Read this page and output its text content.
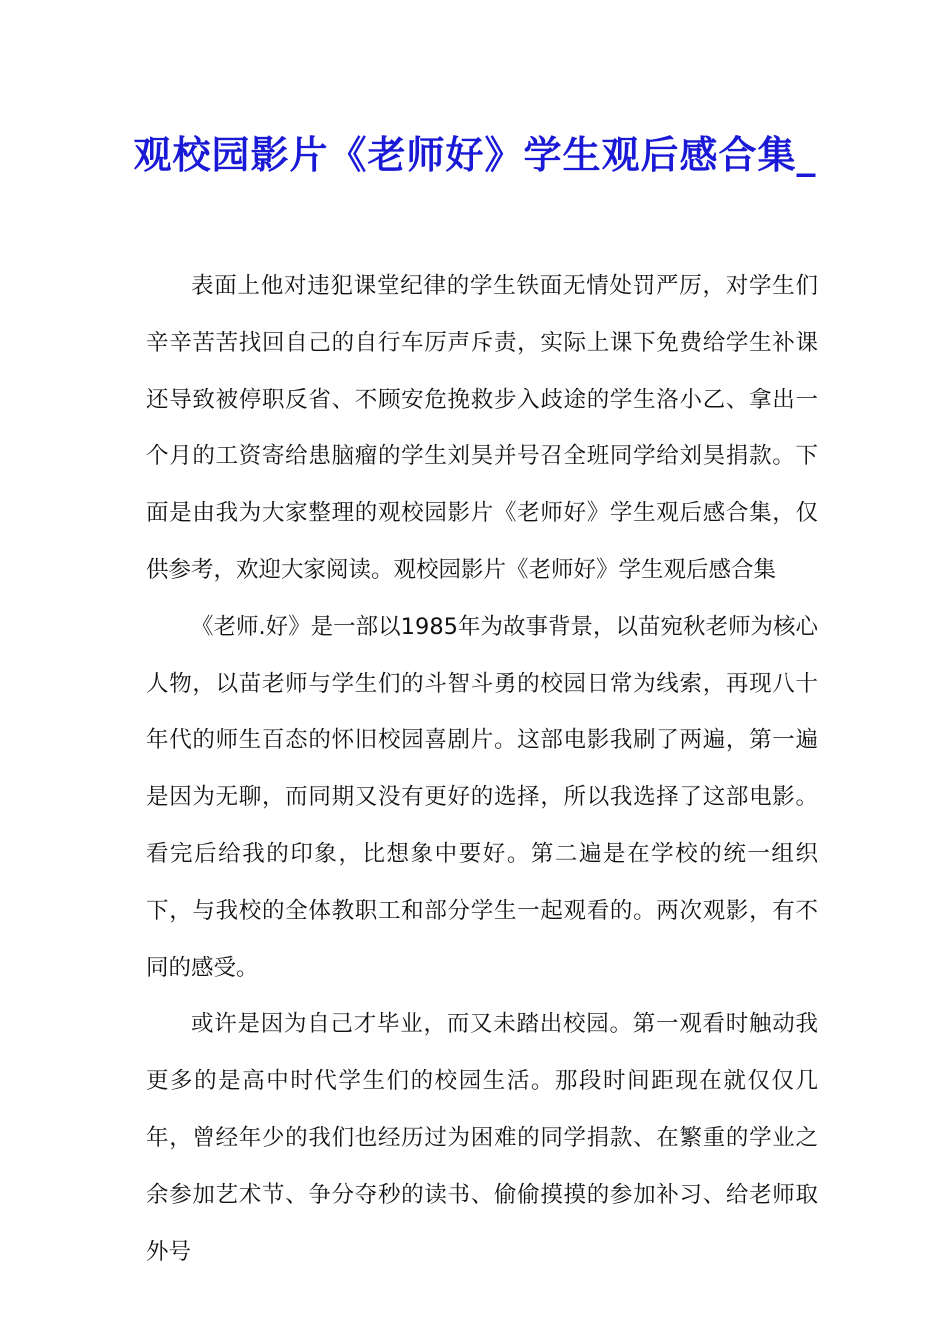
观校园影片《老师好》学生观后感合集_

表面上他对违犯课堂纪律的学生铁面无情处罚严厉，对学生们辛辛苦苦找回自己的自行车厉声斥责，实际上课下免费给学生补课还导致被停职反省、不顾安危挽救步入歧途的学生洛小乙、拿出一个月的工资寄给患脑瘤的学生刘昊并号召全班同学给刘昊捐款。下面是由我为大家整理的观校园影片《老师好》学生观后感合集，仅供参考，欢迎大家阅读。观校园影片《老师好》学生观后感合集

《老师.好》是一部以1985年为故事背景，以苗宛秋老师为核心人物，以苗老师与学生们的斗智斗勇的校园日常为线索，再现八十年代的师生百态的怀旧校园喜剧片。这部电影我刷了两遍，第一遍是因为无聊，而同期又没有更好的选择，所以我选择了这部电影。看完后给我的印象，比想象中要好。第二遍是在学校的统一组织下，与我校的全体教职工和部分学生一起观看的。两次观影，有不同的感受。

或许是因为自己才毕业，而又未踏出校园。第一观看时触动我更多的是高中时代学生们的校园生活。那段时间距现在就仅仅几年，曾经年少的我们也经历过为困难的同学捐款、在繁重的学业之余参加艺术节、争分夺秒的读书、偷偷摸摸的参加补习、给老师取外号
